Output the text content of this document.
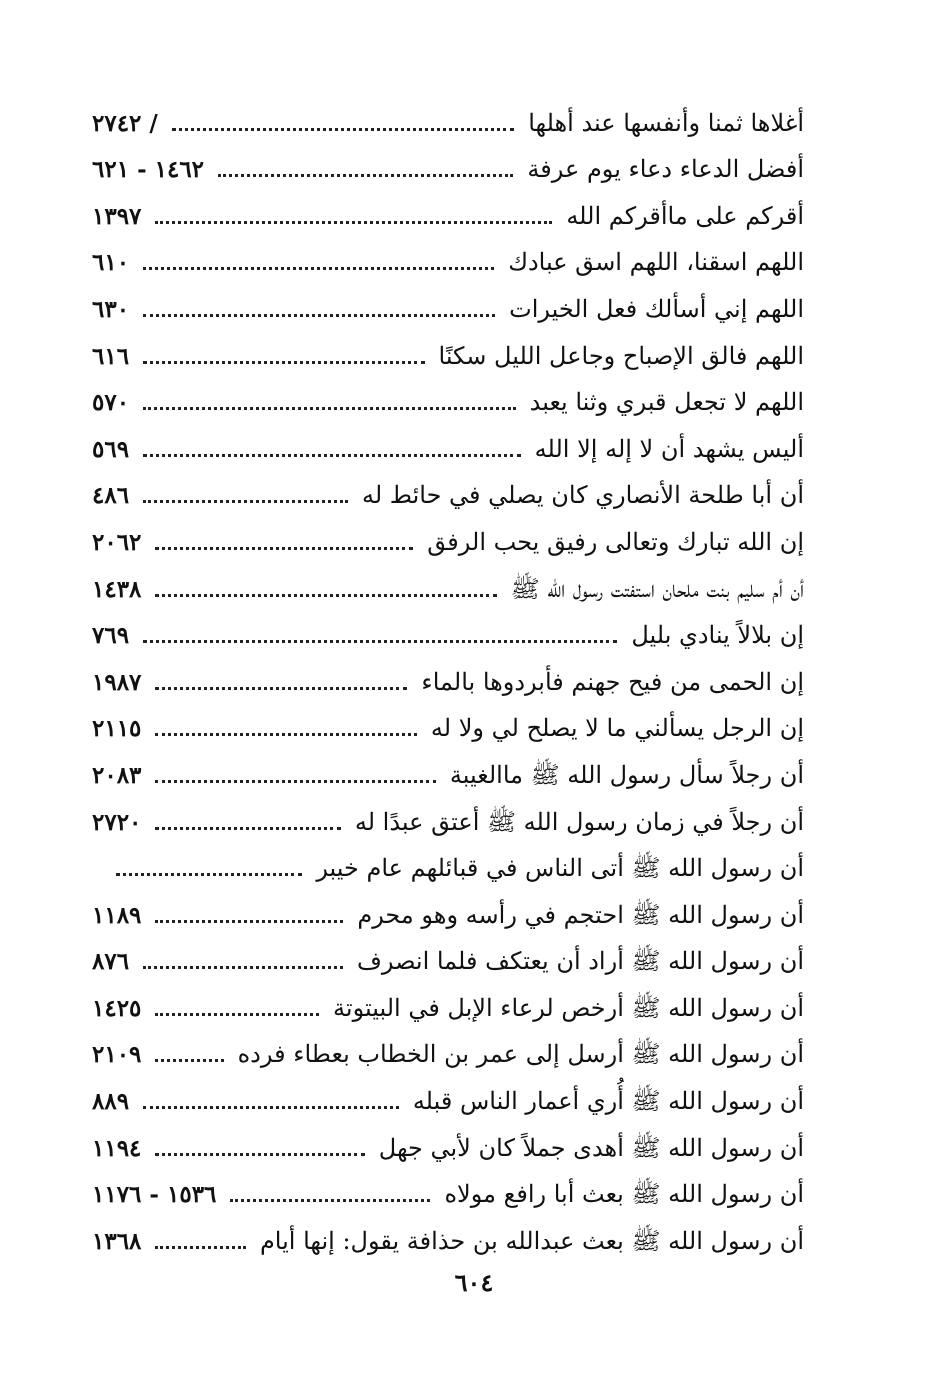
أغلاها ثمنا وأنفسها عند أهلها
/ ٢٧٤٢
أفضل الدعاء دعاء يوم عرفة
١٤٦٢ - ٦٢١
أقركم على ماأقركم الله
١٣٩٧
اللهم اسقنا، اللهم اسق عبادك
٦١٠
اللهم إني أسألك فعل الخيرات
٦٣٠
اللهم فالق الإصباح وجاعل الليل سكنًا
٦١٦
اللهم لا تجعل قبري وثنا يعبد
٥٧٠
أليس يشهد أن لا إله إلا الله
٥٦٩
أن أبا طلحة الأنصاري كان يصلي في حائط له
٤٨٦
إن الله تبارك وتعالى رفيق يحب الرفق
٢٠٦٢
أن أم سليم بنت ملحان استفتت رسول الله ﷺ
١٤٣٨
إن بلالاً ينادي بليل
٧٦٩
إن الحمى من فيح جهنم فأبردوها بالماء
١٩٨٧
إن الرجل يسألني ما لا يصلح لي ولا له
٢١١٥
أن رجلاً سأل رسول الله ﷺ ماالغيبة
٢٠٨٣
أن رجلاً في زمان رسول الله ﷺ أعتق عبدًا له
٢٧٢٠
أن رسول الله ﷺ أتى الناس في قبائلهم عام خيبر
أن رسول الله ﷺ احتجم في رأسه وهو محرم
١١٨٩
أن رسول الله ﷺ أراد أن يعتكف فلما انصرف
٨٧٦
أن رسول الله ﷺ أرخص لرعاء الإبل في البيتوتة
١٤٢٥
أن رسول الله ﷺ أرسل إلى عمر بن الخطاب بعطاء فرده
٢١٠٩
أن رسول الله ﷺ أُري أعمار الناس قبله
٨٨٩
أن رسول الله ﷺ أهدى جملاً كان لأبي جهل
١١٩٤
أن رسول الله ﷺ بعث أبا رافع مولاه
١٥٣٦ - ١١٧٦
أن رسول الله ﷺ بعث عبدالله بن حذافة يقول: إنها أيام
١٣٦٨
٦٠٤
